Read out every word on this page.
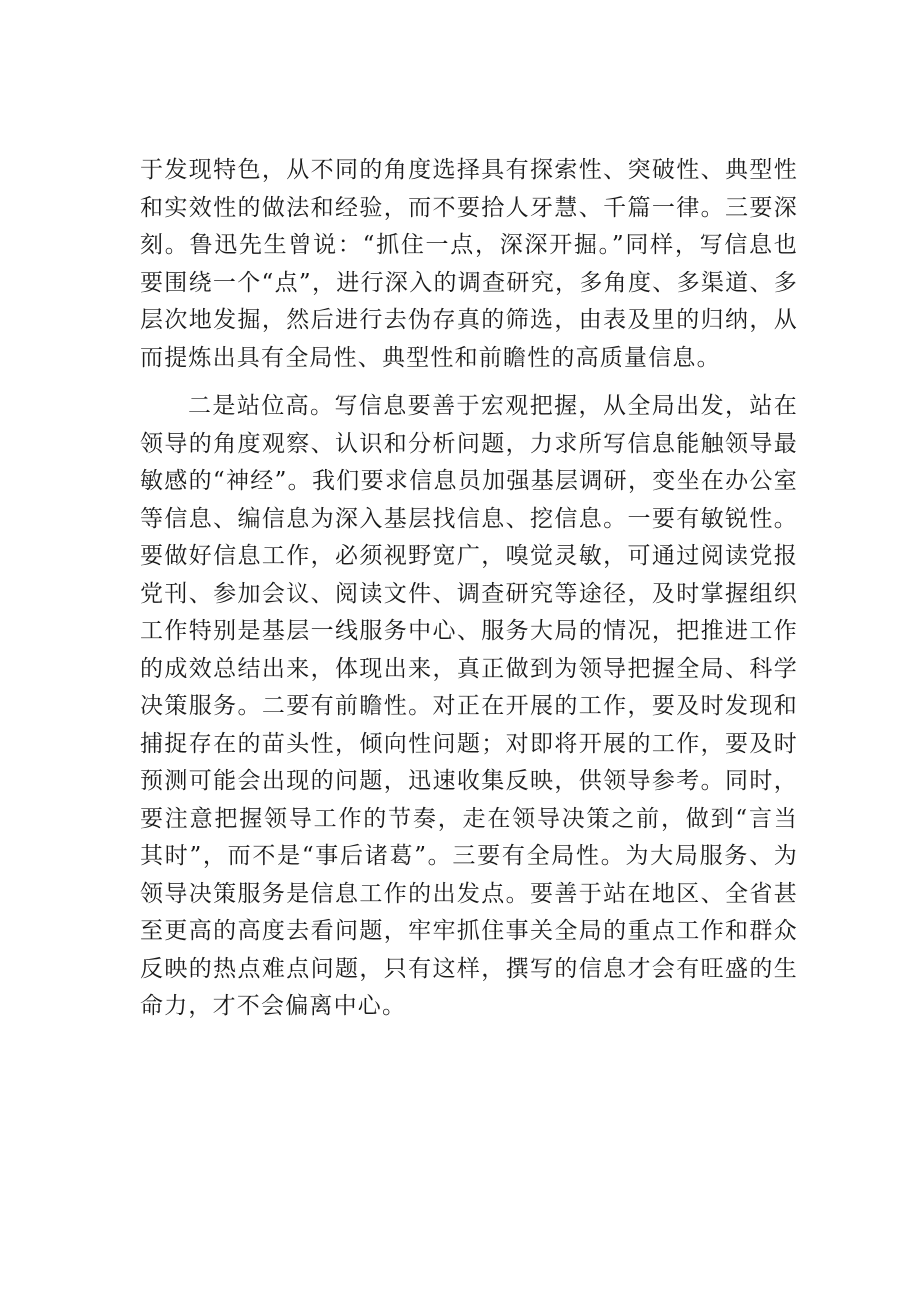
于发现特色，从不同的角度选择具有探索性、突破性、典型性和实效性的做法和经验，而不要拾人牙慧、千篇一律。三要深刻。鲁迅先生曾说：“抓住一点，深深开掘。”同样，写信息也要围绕一个“点”，进行深入的调查研究，多角度、多渠道、多层次地发掘，然后进行去伪存真的筛选，由表及里的归纳，从而提炼出具有全局性、典型性和前瞻性的高质量信息。

二是站位高。写信息要善于宏观把握，从全局出发，站在领导的角度观察、认识和分析问题，力求所写信息能触领导最敏感的“神经”。我们要求信息员加强基层调研，变坐在办公室等信息、编信息为深入基层找信息、挖信息。一要有敏锐性。要做好信息工作，必须视野宽广，嗅觉灵敏，可通过阅读党报党刊、参加会议、阅读文件、调查研究等途径，及时掌握组织工作特别是基层一线服务中心、服务大局的情况，把推进工作的成效总结出来，体现出来，真正做到为领导把握全局、科学决策服务。二要有前瞻性。对正在开展的工作，要及时发现和捕捉存在的苗头性，倾向性问题；对即将开展的工作，要及时预测可能会出现的问题，迅速收集反映，供领导参考。同时，要注意把握领导工作的节奏，走在领导决策之前，做到“言当其时”，而不是“事后诸葛”。三要有全局性。为大局服务、为领导决策服务是信息工作的出发点。要善于站在地区、全省甚至更高的高度去看问题，牢牢抓住事关全局的重点工作和群众反映的热点难点问题，只有这样，撰写的信息才会有旺盛的生命力，才不会偏离中心。
